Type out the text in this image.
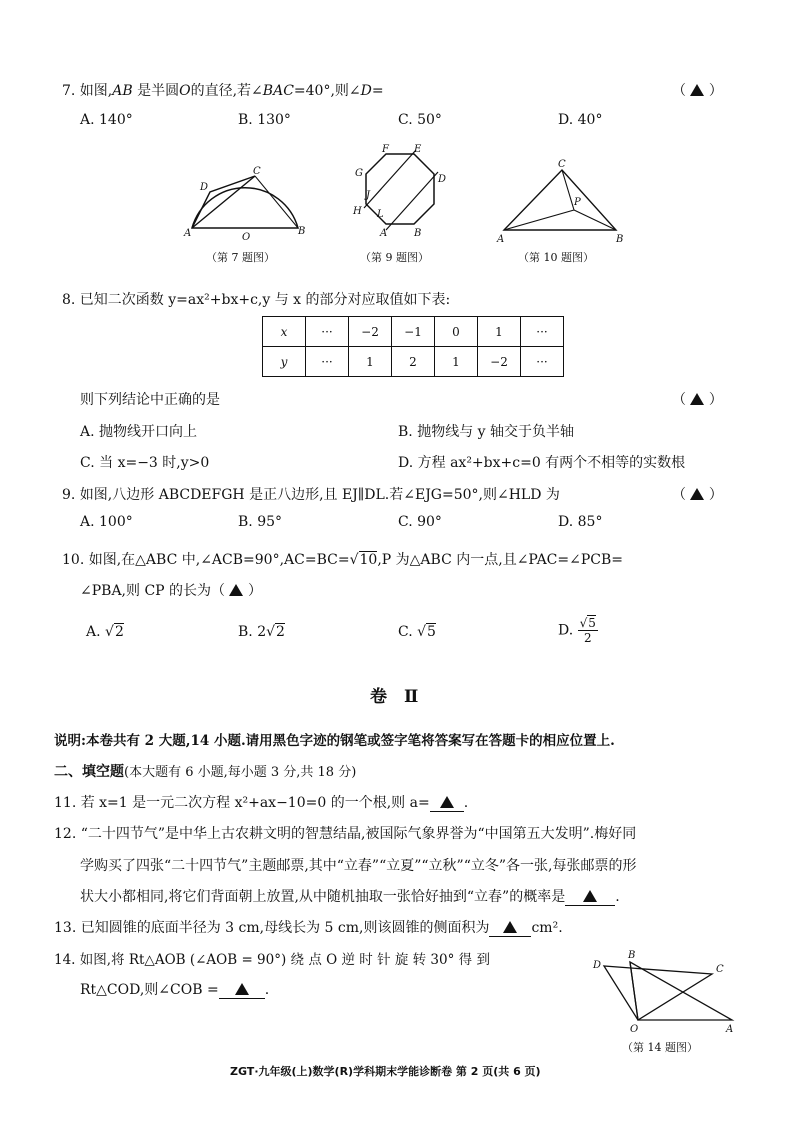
7. 如图,AB 是半圆O的直径,若∠BAC=40°,则∠D=	（ ）
A. 140°	B. 130°	C. 50°	D. 40°
A	B
C
D
O
（第 7 题图）
F	E
G
D
J
H L
A	B
（第 9 题图）
C
P
A	B
（第 10 题图）
8. 已知二次函数 y=ax²+bx+c,y 与 x 的部分对应取值如下表:
x	···	−2	−1	0	1	···
y	···	1	2	1	−2	···
则下列结论中正确的是	（ ）
A. 抛物线开口向上	B. 抛物线与 y 轴交于负半轴
C. 当 x=−3 时,y>0	D. 方程 ax²+bx+c=0 有两个不相等的实数根
9. 如图,八边形 ABCDEFGH 是正八边形,且 EJ∥DL.若∠EJG=50°,则∠HLD 为	（ ）
A. 100°	B. 95°	C. 90°	D. 85°
10. 如图,在△ABC 中,∠ACB=90°,AC=BC=√10,P 为△ABC 内一点,且∠PAC=∠PCB=
∠PBA,则 CP 的长为（ ）
A. √2	B. 2√2	C. √5	D. $\frac{√5}{2}$
卷　Ⅱ
说明:本卷共有 2 大题,14 小题.请用黑色字迹的钢笔或签字笔将答案写在答题卡的相应位置上.
二、填空题(本大题有 6 小题,每小题 3 分,共 18 分)
11. 若 x=1 是一元二次方程 x²+ax−10=0 的一个根,则 a= .
12. “二十四节气”是中华上古农耕文明的智慧结晶,被国际气象界誉为“中国第五大发明”.梅好同
学购买了四张“二十四节气”主题邮票,其中“立春”“立夏”“立秋”“立冬”各一张,每张邮票的形
状大小都相同,将它们背面朝上放置,从中随机抽取一张恰好抽到“立春”的概率是	.
13. 已知圆锥的底面半径为 3 cm,母线长为 5 cm,则该圆锥的侧面积为	cm².
14. 如图,将 Rt△AOB (∠AOB = 90°) 绕 点 O 逆 时 针 旋 转 30° 得 到
Rt△COD,则∠COB =	.
B
D	C
O	A
（第 14 题图）
ZGT·九年级(上)数学(R)学科期末学能诊断卷 第 2 页(共 6 页)
